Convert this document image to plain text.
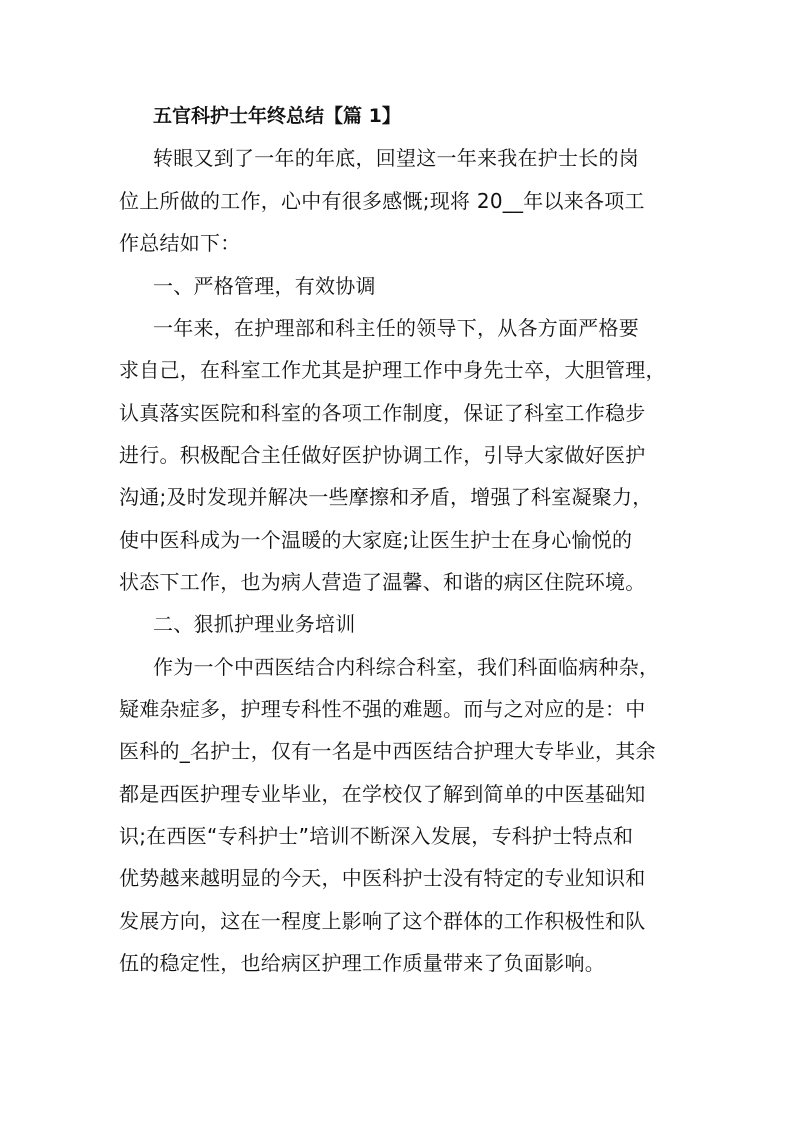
五官科护士年终总结【篇 1】
转眼又到了一年的年底，回望这一年来我在护士长的岗
位上所做的工作，心中有很多感慨;现将 20__年以来各项工
作总结如下：
一、严格管理，有效协调
一年来，在护理部和科主任的领导下，从各方面严格要
求自己，在科室工作尤其是护理工作中身先士卒，大胆管理，
认真落实医院和科室的各项工作制度，保证了科室工作稳步
进行。积极配合主任做好医护协调工作，引导大家做好医护
沟通;及时发现并解决一些摩擦和矛盾，增强了科室凝聚力，
使中医科成为一个温暖的大家庭;让医生护士在身心愉悦的
状态下工作，也为病人营造了温馨、和谐的病区住院环境。
二、狠抓护理业务培训
作为一个中西医结合内科综合科室，我们科面临病种杂，
疑难杂症多，护理专科性不强的难题。而与之对应的是：中
医科的_名护士，仅有一名是中西医结合护理大专毕业，其余
都是西医护理专业毕业，在学校仅了解到简单的中医基础知
识;在西医“专科护士”培训不断深入发展，专科护士特点和
优势越来越明显的今天，中医科护士没有特定的专业知识和
发展方向，这在一程度上影响了这个群体的工作积极性和队
伍的稳定性，也给病区护理工作质量带来了负面影响。
